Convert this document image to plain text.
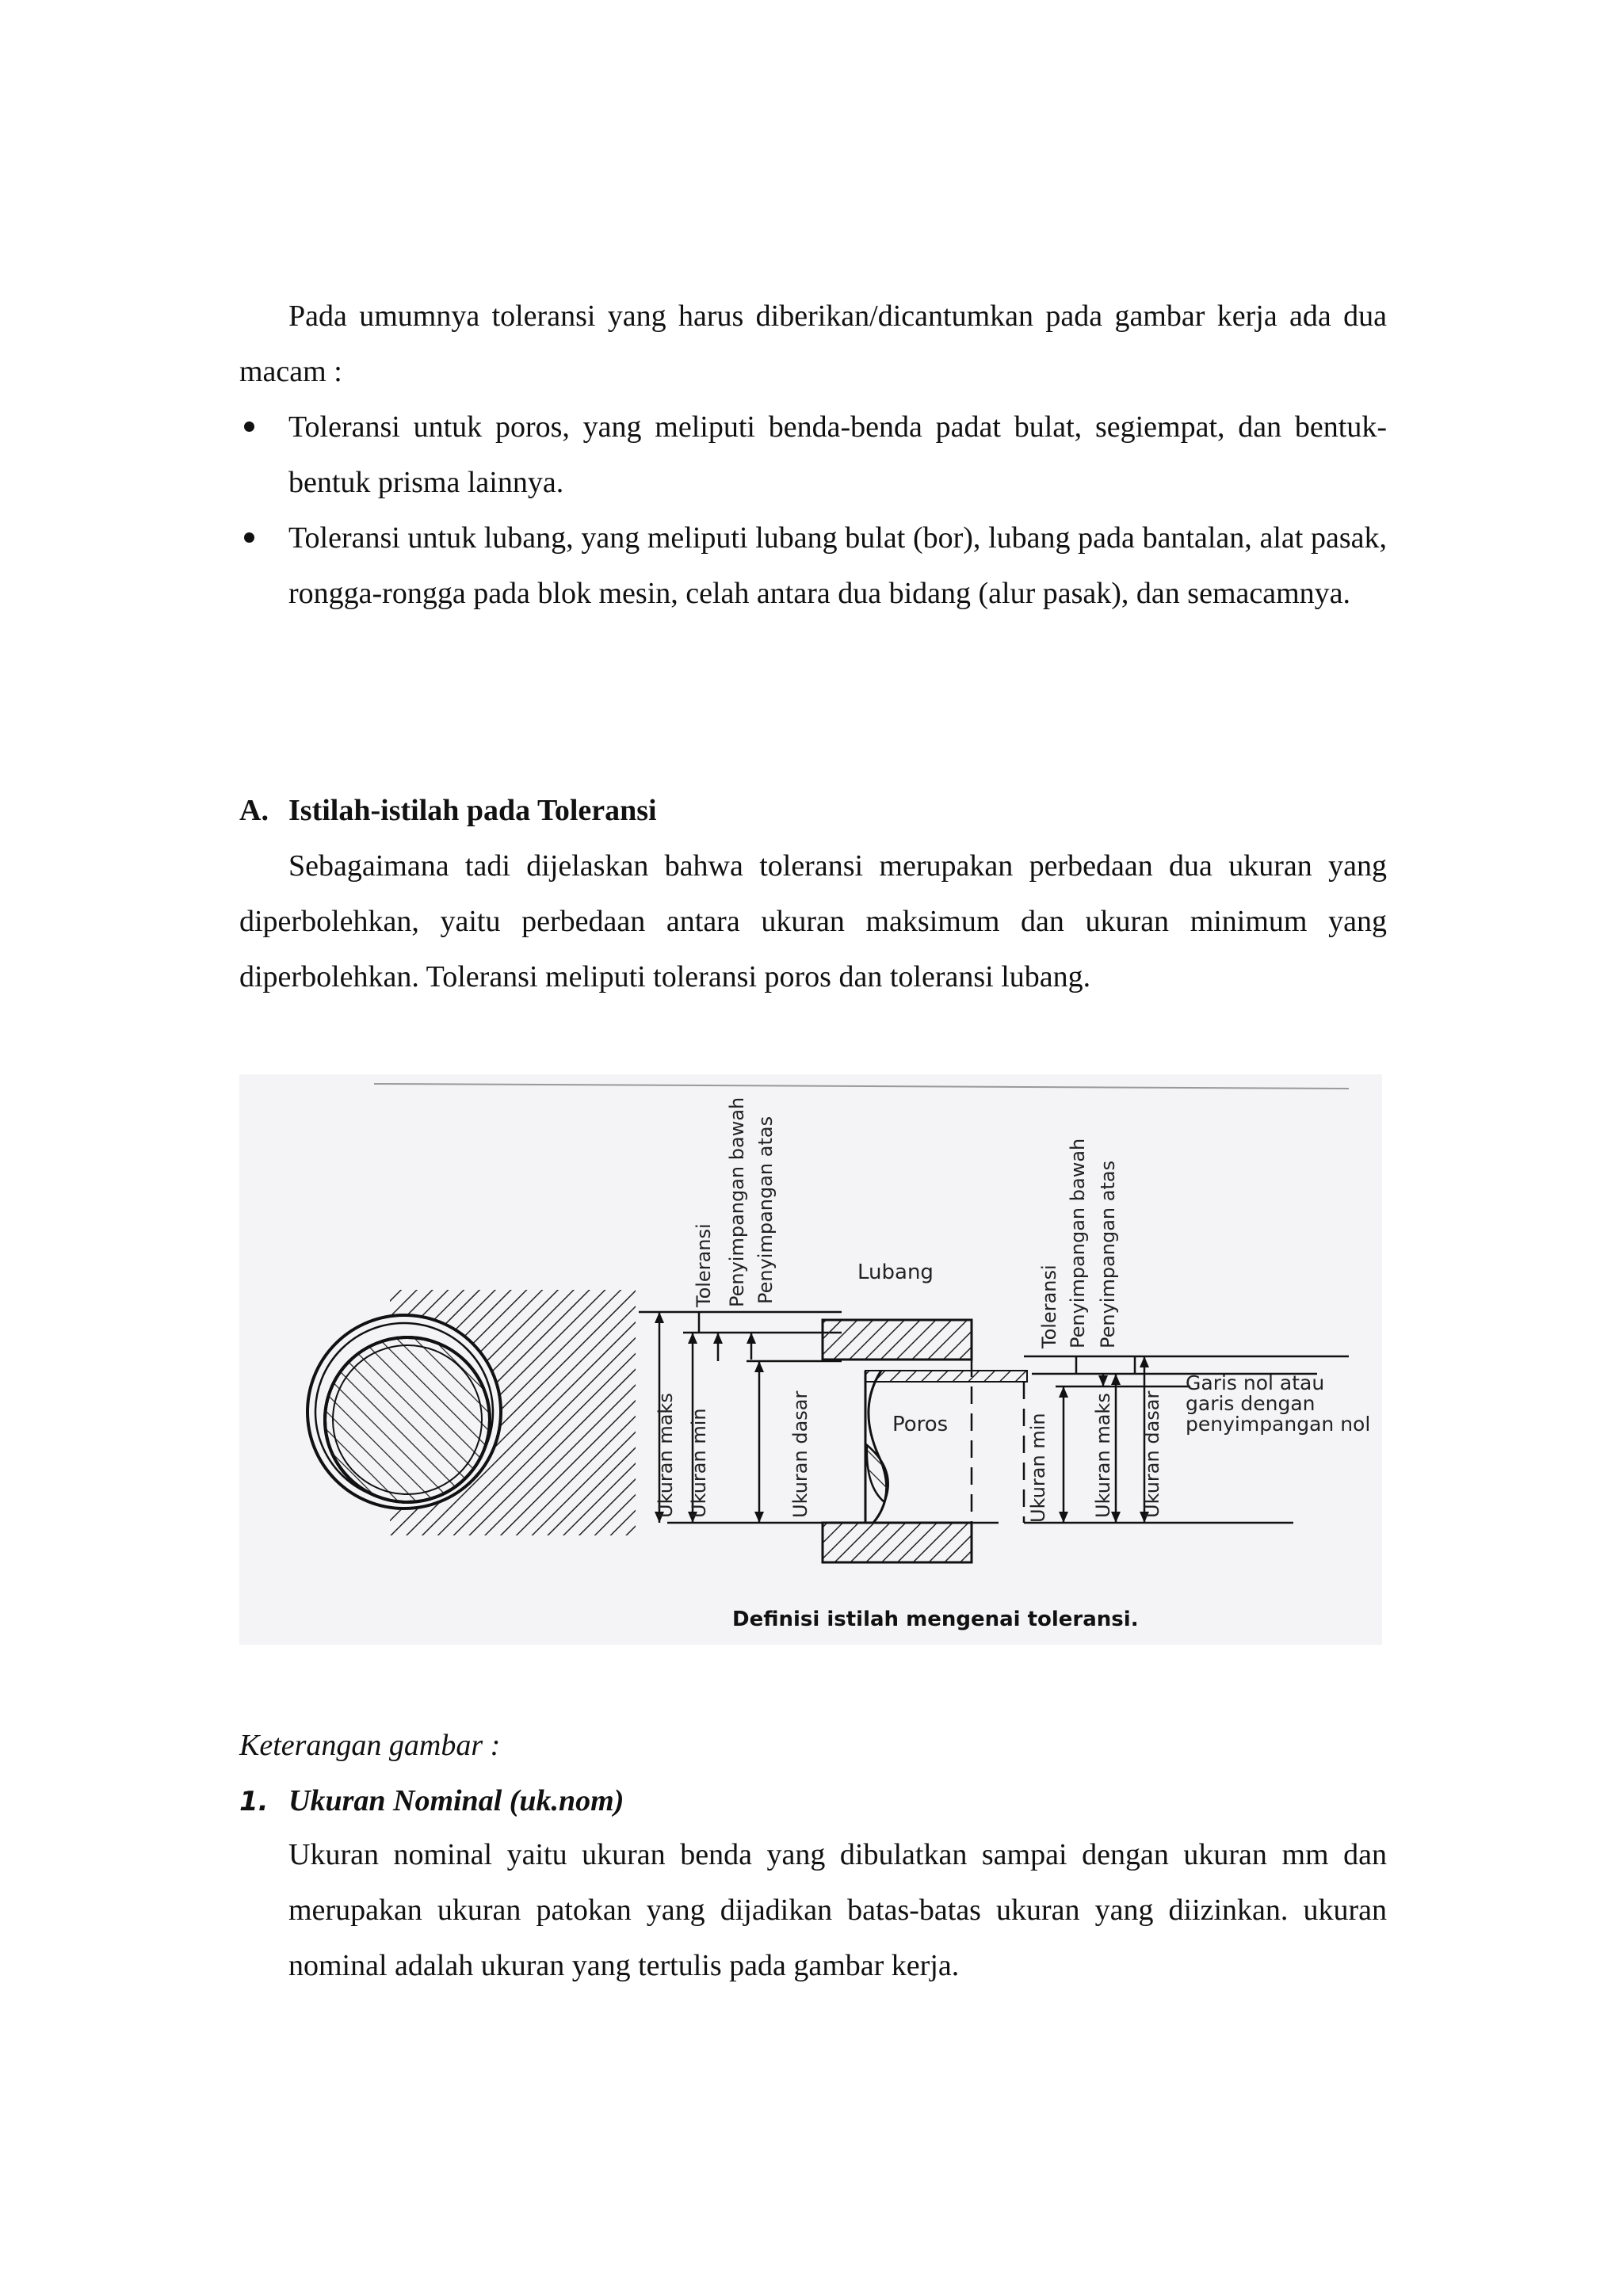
Pada umumnya toleransi yang harus diberikan/dicantumkan pada gambar kerja ada dua macam :

Toleransi untuk poros, yang meliputi benda-benda padat bulat, segiempat, dan bentuk-bentuk prisma lainnya.
Toleransi untuk lubang, yang meliputi lubang bulat (bor), lubang pada bantalan, alat pasak, rongga-rongga pada blok mesin, celah antara dua bidang (alur pasak), dan semacamnya.
A. Istilah-istilah pada Toleransi

Sebagaimana tadi dijelaskan bahwa toleransi merupakan perbedaan dua ukuran yang diperbolehkan, yaitu perbedaan antara ukuran maksimum dan ukuran minimum yang diperbolehkan. Toleransi meliputi toleransi poros dan toleransi lubang.

Ukuran maks Ukuran min
Toleransi Penyimpangan bawah Penyimpangan atas
Ukuran dasar
Lubang
Poros	Ukuran min
Toleransi Penyimpangan bawah
Ukuran maks
Penyimpangan atas
Ukuran dasar
Garis nol atau
garis dengan
penyimpangan nol
Definisi istilah mengenai toleransi.

Keterangan gambar :

1. Ukuran Nominal (uk.nom)

Ukuran nominal yaitu ukuran benda yang dibulatkan sampai dengan ukuran mm dan merupakan ukuran patokan yang dijadikan batas-batas ukuran yang diizinkan. ukuran nominal adalah ukuran yang tertulis pada gambar kerja.
